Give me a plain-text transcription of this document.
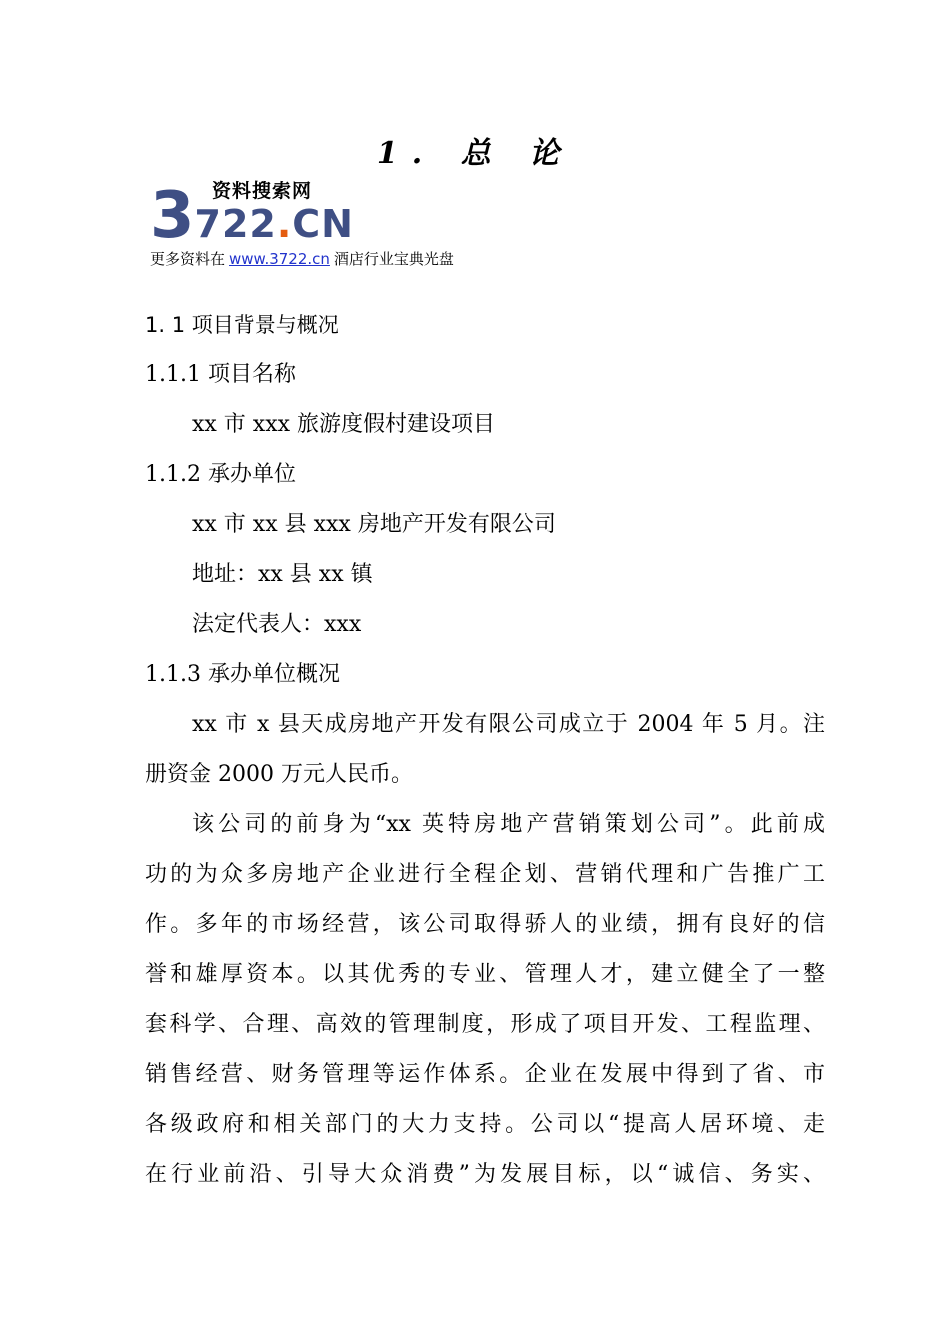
1. 总 论
资料搜索网
3722.CN
更多资料在 www.3722.cn 酒店行业宝典光盘
1. 1 项目背景与概况
1.1.1 项目名称
xx 市 xxx 旅游度假村建设项目
1.1.2 承办单位
xx 市 xx 县 xxx 房地产开发有限公司
地址：xx 县 xx 镇
法定代表人：xxx
1.1.3 承办单位概况
xx 市 x 县天成房地产开发有限公司成立于 2004 年 5 月。注
册资金 2000 万元人民币。
该公司的前身为“xx 英特房地产营销策划公司”。此前成
功的为众多房地产企业进行全程企划、营销代理和广告推广工
作。多年的市场经营，该公司取得骄人的业绩，拥有良好的信
誉和雄厚资本。以其优秀的专业、管理人才，建立健全了一整
套科学、合理、高效的管理制度，形成了项目开发、工程监理、
销售经营、财务管理等运作体系。企业在发展中得到了省、市
各级政府和相关部门的大力支持。公司以“提高人居环境、走
在行业前沿、引导大众消费”为发展目标，以“诚信、务实、
